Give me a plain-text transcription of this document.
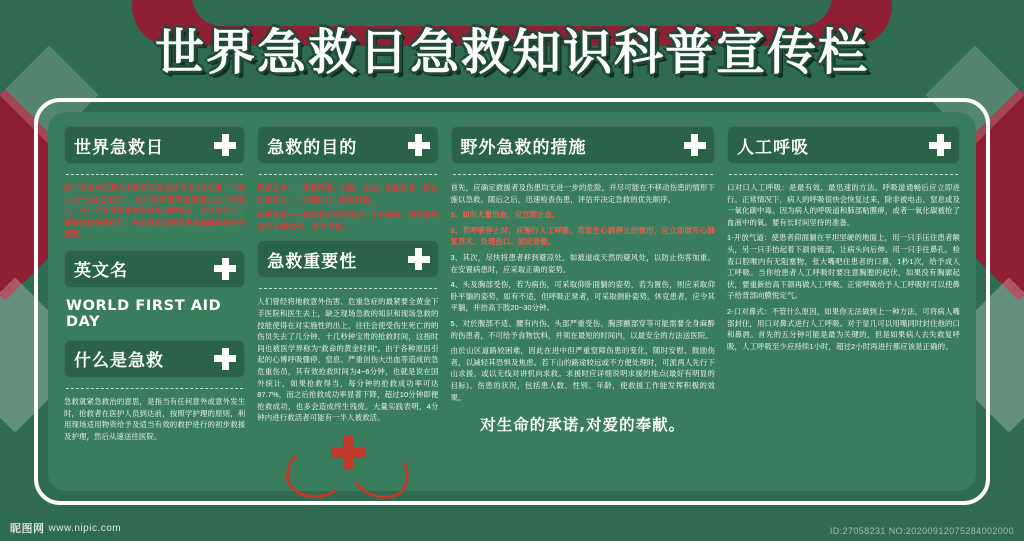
世界急救日急救知识科普宣传栏
世界急救日

红十字会与红新月会国际联合会将每年9月的第二个周六为“世界急救日”，这个国际组织希望通过这个纪念日，呼吁世界各国重视急救知识的普及，让更多的人士掌握急救技能技巧，在事发现场挽救生命和降低伤害程度度。

英文名
WORLD FIRST AID DAY
什么是急救

急救就紧急救治的意思，是指当有任何意外或意外发生时，抢救者在医护人员到达前，按照学护理的原则，利用现场适用物资给予及适当有效的救护进行的初步救援及护理，然后从速送往医院。

急救的目的

保存生命——恢复呼吸、心跳、止血、救治休克、防止伤势恶化——处理伤口、固定骨骼。

促进复原——避免非必要的移动、小心处理、保持最舒适的坐/卧姿势、普言安慰。

急救重要性

人们曾经将地救意外伤害、危重急症的最紧要全黄金下手医院和医生去上，缺乏现场急救的知识和现场急救的技能使得在对实施性的出上，往往会使受伤生死亡的的伤员失去了几分钟、十几秒钟宝贵的抢救时间，这指时间也被医学界称为“救命的黄金时间”。由于各种原因引起的心博呼吸骤停、窒息、严重创伤大出血等造成的急危重伤员，其有效抢救时间为4~6分钟，也就是说在国外统计，如果抢救得当，每分钟的抢救成功率可达87.7%，而之后抢救成功率显著下降，超过10分钟即便抢救成功，也多会造成终生残废。大量实践表明，4分钟内进行救活者可能有一半人被救活。

野外急救的措施

首先，应确定救援者及伤患均无进一步的危险，并尽可能在不移动伤患的情形下施以急救。随后之后，迅速检查伤患，评估并决定急救的优先顺序。

1、如有大量出血，应立即止血。

2、若呼吸停止时，应施行人工呼吸。若发生心跳停止的情形，应立即展开心肺复苏术。处理伤口、固定骨骼。

3、其次，尽快将患者移到避凉处，如被道或天然的避风处，以防止伤客加重。在安置病患时，应采取正确的姿势。

4、头及胸部受伤，若为病伤，可采取仰卧面躺的姿势，若为置伤，则应采取仰卧平躺的姿势，如有不适，但呼吸正常者，可采取侧卧姿势。休克患者，应令其平躺，并抬高下肢20~30分钟。

5、对於腹部不适、腰有内伤、头部严重受伤、胸部颤部穿等可能需要全身麻醉的伤患者，不可给予食物饮料，并须在最短的时间内，以最安全的方法送医院。

由於山区道路较困难，因此在进中但严重窒障伤患的变化，随时安慰、鼓励伤者，以减轻其恐惧及焦虑。若下山的路途较远或不方便处理时，可派两人先行下山求援，或以无线对讲机向求救。求援时应详细说明求援的地点(最好有明显的目标)、伤患的状况，包括患人数、性别、年龄，使救援工作能发挥积极的效果。

对生命的承诺,对爱的奉献。
人工呼吸

口对口人工呼吸：是最有效、最迅速的方法。呼吸道通畅后应立即进行。正常情况下，病人的呼吸很快会恢复过来，除非被电击、窒息或及一氧化碳中毒。因为病人的呼吸道和肺部粘膜痹，或者一氧化碳被抢了血液中的氧。要有长时间坚持的准备。

1-开放气道：使患者仰面躺在平坦坚硬的地面上，用一只手压住患者额头，另一只手抬起着下颌骨链部，让病头向后伸。用一只手往鼻孔，检查口腔喉内有无阻塞物，张大嘴吧住患者的口鼻，1秒1次，给予成人工呼吸。当你给患者人工呼吸时要注意胸膛的起伏，如果没有胸廓起伏，要重新抬高下颌再做人工呼吸。正常呼吸给予人工呼吸时可以使鼻子给背部向膜悦定气。

2-口对鼻式：不管什么原因，如果你无法做到上一种方法，可将病人嘴部封住，用口对鼻式进行人工呼吸。对于显几可以用嘴同时封住他的口和鼻唇。首先的五分钟可能是最为关键的，但是如果病人去失救复呼吸，人工呼吸至少应持续1小时，超过2小时再进行都应该是正确的。

昵图网 www.nipic.com	ID:27058231 NO:20200912075284002000
